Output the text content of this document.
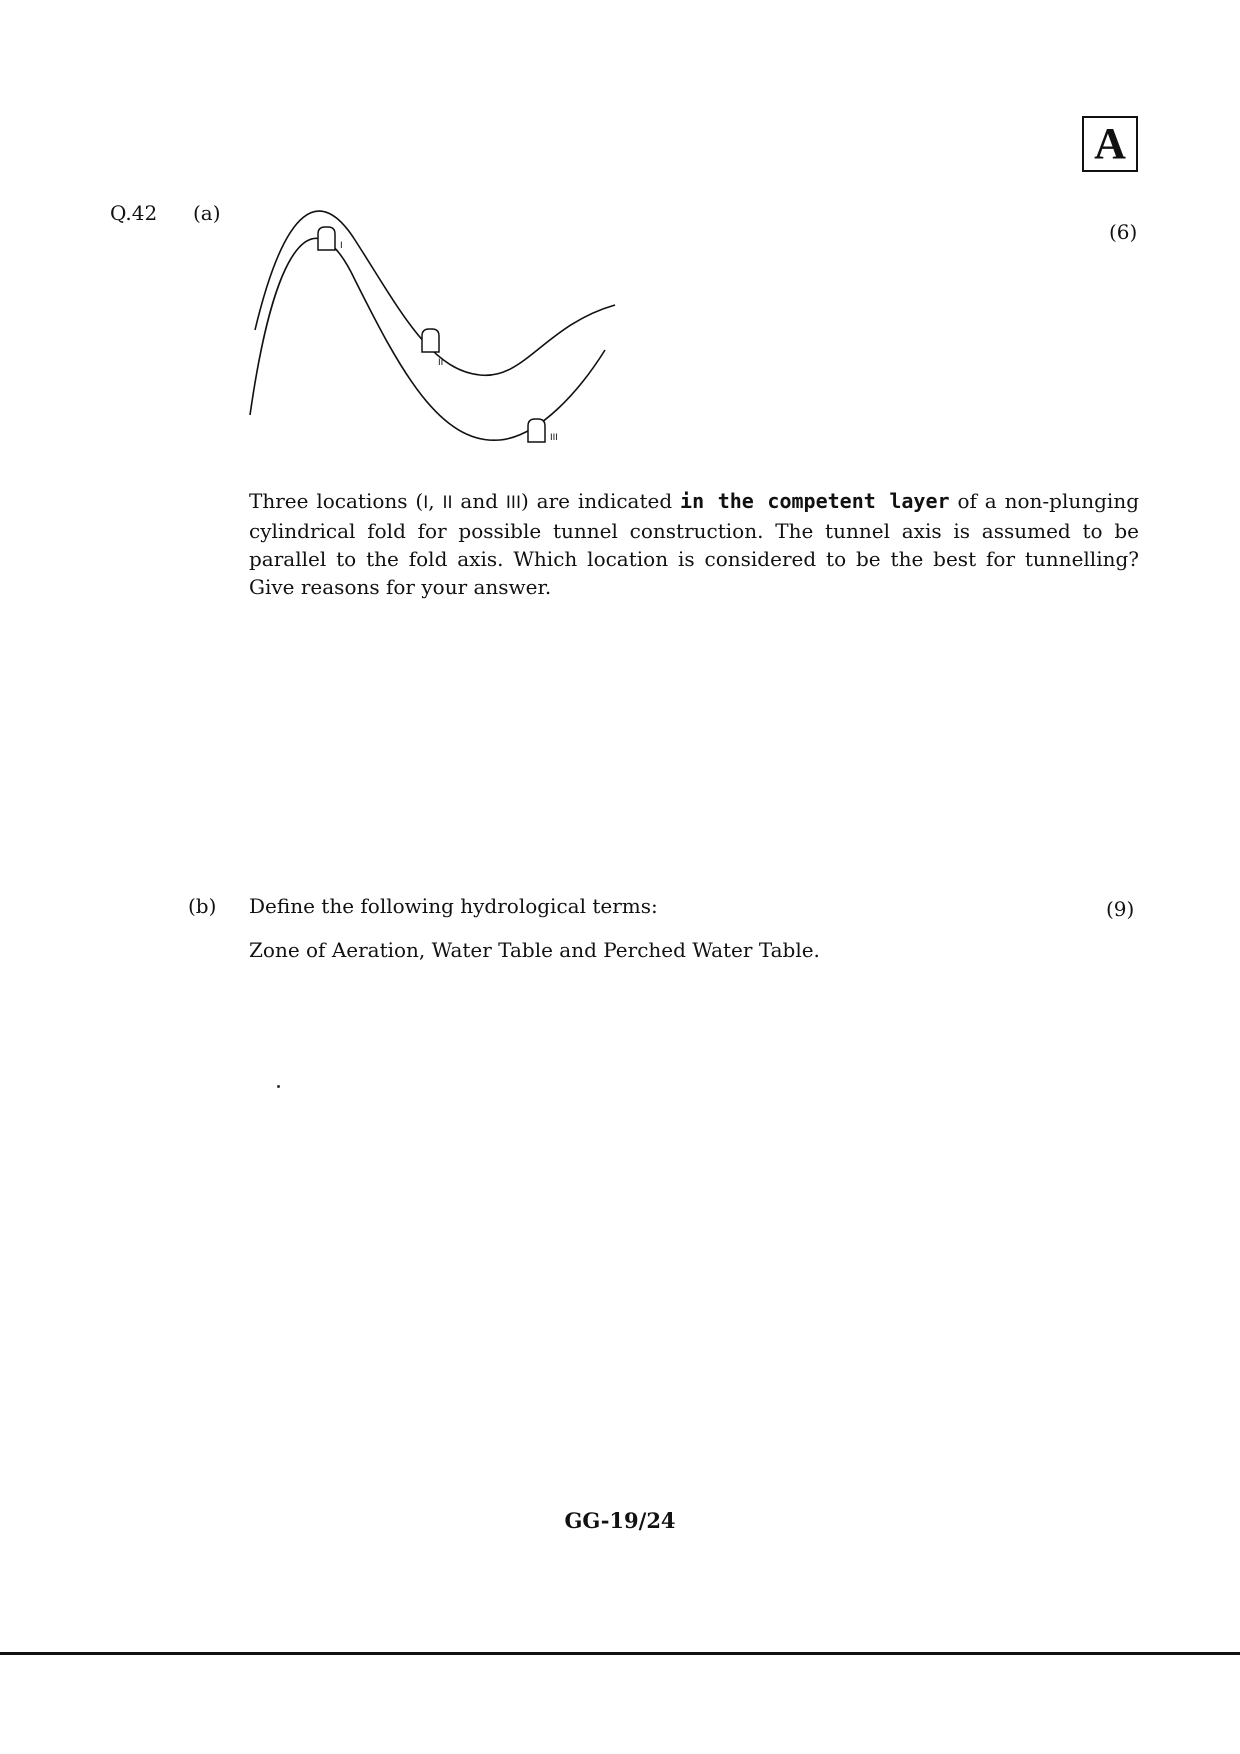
A
Q.42 (a)
(6)
I
II
III

Three locations (I, II and III) are indicated in the competent layer of a non-plunging cylindrical fold for possible tunnel construction. The tunnel axis is assumed to be parallel to the fold axis. Which location is considered to be the best for tunnelling? Give reasons for your answer.

(b) Define the following hydrological terms:	(9)
Zone of Aeration, Water Table and Perched Water Table.
GG-19/24
